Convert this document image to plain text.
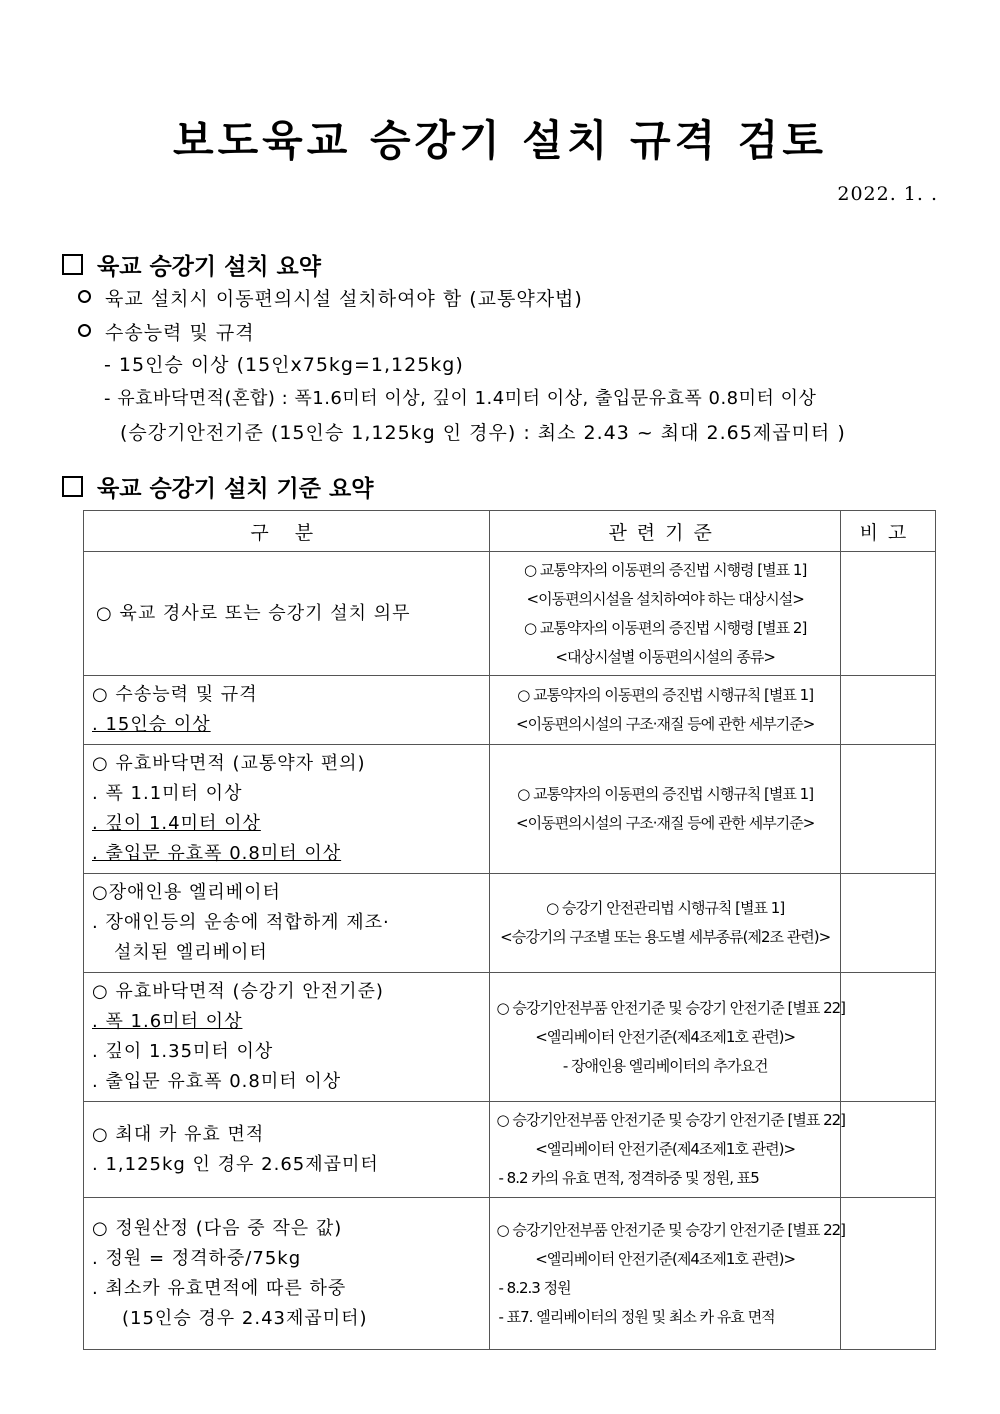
보도육교 승강기 설치 규격 검토
2022. 1. .
육교 승강기 설치 요약
육교 설치시 이동편의시설 설치하여야 함 (교통약자법)
수송능력 및 규격
- 15인승 이상 (15인x75kg=1,125kg)
- 유효바닥면적(혼합) : 폭1.6미터 이상, 깊이 1.4미터 이상, 출입문유효폭 0.8미터 이상
(승강기안전기준 (15인승 1,125kg 인 경우) : 최소 2.43 ~ 최대 2.65제곱미터 )
육교 승강기 설치 기준 요약
구 분	관련기준	비고

○ 육교 경사로 또는 승강기 설치 의무	○ 교통약자의 이동편의 증진법 시행령 [별표 1]
<이동편의시설을 설치하여야 하는 대상시설>
○ 교통약자의 이동편의 증진법 시행령 [별표 2]
<대상시설별 이동편의시설의 종류>	

○ 수송능력 및 규격
. 15인승 이상	○ 교통약자의 이동편의 증진법 시행규칙 [별표 1]
<이동편의시설의 구조·재질 등에 관한 세부기준>	

○ 유효바닥면적 (교통약자 편의)
. 폭 1.1미터 이상
. 깊이 1.4미터 이상
. 출입문 유효폭 0.8미터 이상	○ 교통약자의 이동편의 증진법 시행규칙 [별표 1]
<이동편의시설의 구조·재질 등에 관한 세부기준>	

○장애인용 엘리베이터
. 장애인등의 운송에 적합하게 제조·
설치된 엘리베이터	○ 승강기 안전관리법 시행규칙 [별표 1]
<승강기의 구조별 또는 용도별 세부종류(제2조 관련)>	

○ 유효바닥면적 (승강기 안전기준)
. 폭 1.6미터 이상
. 깊이 1.35미터 이상
. 출입문 유효폭 0.8미터 이상	○ 승강기안전부품 안전기준 및 승강기 안전기준 [별표 22]
<엘리베이터 안전기준(제4조제1호 관련)>
- 장애인용 엘리베이터의 추가요건	

○ 최대 카 유효 면적
. 1,125kg 인 경우 2.65제곱미터	○ 승강기안전부품 안전기준 및 승강기 안전기준 [별표 22]
<엘리베이터 안전기준(제4조제1호 관련)>
- 8.2 카의 유효 면적, 정격하중 및 정원, 표5	

○ 정원산정 (다음 중 작은 값)
. 정원 = 정격하중/75kg
. 최소카 유효면적에 따른 하중
(15인승 경우 2.43제곱미터)	○ 승강기안전부품 안전기준 및 승강기 안전기준 [별표 22]
<엘리베이터 안전기준(제4조제1호 관련)>
- 8.2.3 정원
- 표7. 엘리베이터의 정원 및 최소 카 유효 면적	
